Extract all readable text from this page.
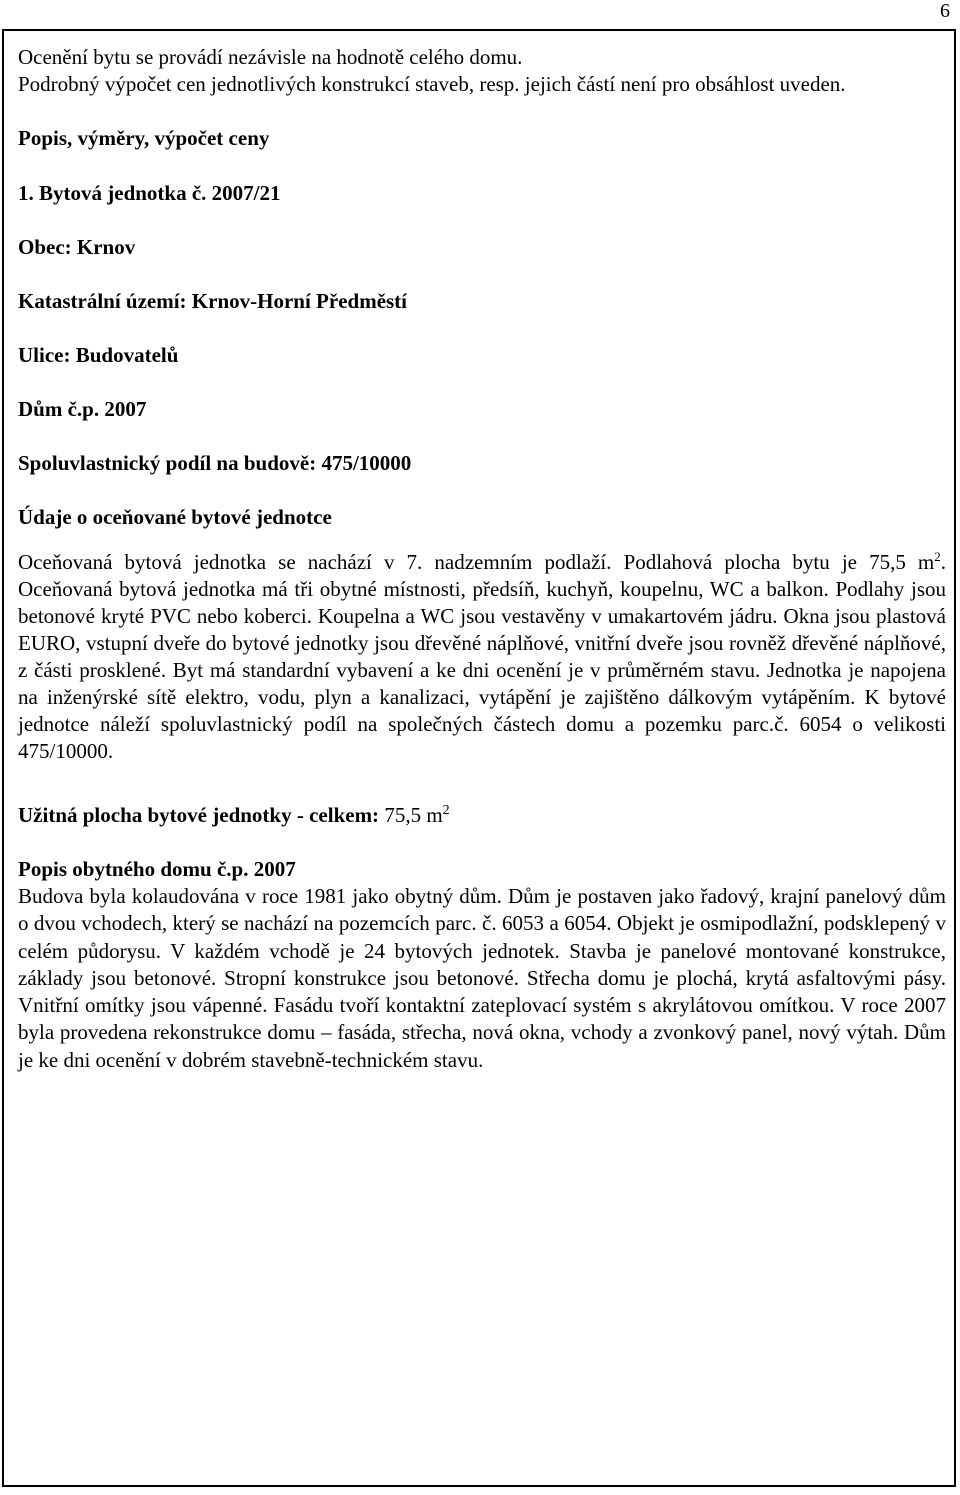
6

Ocenění bytu se provádí nezávisle na hodnotě celého domu.

Podrobný výpočet cen jednotlivých konstrukcí staveb, resp. jejich částí není pro obsáhlost uveden.

Popis, výměry, výpočet ceny

1. Bytová jednotka č. 2007/21

Obec: Krnov

Katastrální území: Krnov-Horní Předměstí

Ulice: Budovatelů

Dům č.p. 2007

Spoluvlastnický podíl na budově: 475/10000

Údaje o oceňované bytové jednotce

Oceňovaná bytová jednotka se nachází v 7. nadzemním podlaží. Podlahová plocha bytu je 75,5 $m^2$. Oceňovaná bytová jednotka má tři obytné místnosti, předsíň, kuchyň, koupelnu, WC a balkon. Podlahy jsou betonové kryté PVC nebo koberci. Koupelna a WC jsou vestavěny v umakartovém jádru. Okna jsou plastová EURO, vstupní dveře do bytové jednotky jsou dřevěné náplňové, vnitřní dveře jsou rovněž dřevěné náplňové, z části prosklené. Byt má standardní vybavení a ke dni ocenění je v průměrném stavu. Jednotka je napojena na inženýrské sítě elektro, vodu, plyn a kanalizaci, vytápění je zajištěno dálkovým vytápěním. K bytové jednotce náleží spoluvlastnický podíl na společných částech domu a pozemku parc.č. 6054 o velikosti 475/10000.

Užitná plocha bytové jednotky - celkem: 75,5 $m^2$

Popis obytného domu č.p. 2007

Budova byla kolaudována v roce 1981 jako obytný dům. Dům je postaven jako řadový, krajní panelový dům o dvou vchodech, který se nachází na pozemcích parc. č. 6053 a 6054. Objekt je osmipodlažní, podsklepený v celém půdorysu. V každém vchodě je 24 bytových jednotek. Stavba je panelové montované konstrukce, základy jsou betonové. Stropní konstrukce jsou betonové. Střecha domu je plochá, krytá asfaltovými pásy. Vnitřní omítky jsou vápenné. Fasádu tvoří kontaktní zateplovací systém s akrylátovou omítkou. V roce 2007 byla provedena rekonstrukce domu – fasáda, střecha, nová okna, vchody a zvonkový panel, nový výtah. Dům je ke dni ocenění v dobrém stavebně-technickém stavu.
